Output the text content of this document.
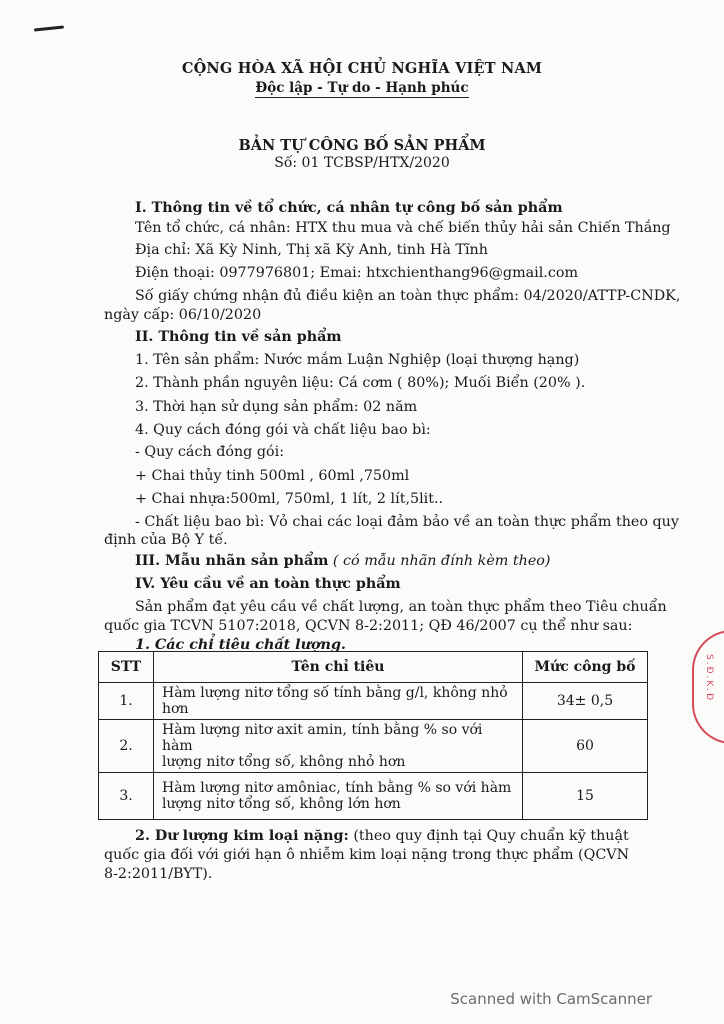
CỘNG HÒA XÃ HỘI CHỦ NGHĨA VIỆT NAM
Độc lập - Tự do - Hạnh phúc
BẢN TỰ CÔNG BỐ SẢN PHẨM
Số: 01 TCBSP/HTX/2020
I. Thông tin về tổ chức, cá nhân tự công bố sản phẩm
Tên tổ chức, cá nhân: HTX thu mua và chế biến thủy hải sản Chiến Thắng
Địa chỉ: Xã Kỳ Ninh, Thị xã Kỳ Anh, tinh Hà Tĩnh
Điện thoại: 0977976801; Emai: htxchienthang96@gmail.com
Số giấy chứng nhận đủ điều kiện an toàn thực phẩm: 04/2020/ATTP-CNDK,
ngày cấp: 06/10/2020
II. Thông tin về sản phẩm
1. Tên sản phẩm: Nước mắm Luận Nghiệp (loại thượng hạng)
2. Thành phần nguyên liệu: Cá cơm ( 80%); Muối Biển (20% ).
3. Thời hạn sử dụng sản phẩm: 02 năm
4. Quy cách đóng gói và chất liệu bao bì:
- Quy cách đóng gói:
+ Chai thủy tinh 500ml , 60ml ,750ml
+ Chai nhựa:500ml, 750ml, 1 lít, 2 lít,5lit..
- Chất liệu bao bì: Vỏ chai các loại đảm bảo về an toàn thực phẩm theo quy
định của Bộ Y tế.
III. Mẫu nhãn sản phẩm ( có mẫu nhãn đính kèm theo)
IV. Yêu cầu về an toàn thực phẩm
Sản phẩm đạt yêu cầu về chất lượng, an toàn thực phẩm theo Tiêu chuẩn
quốc gia TCVN 5107:2018, QCVN 8-2:2011; QĐ 46/2007 cụ thể như sau:
1. Các chỉ tiêu chất lượng.
STT	Tên chỉ tiêu	Mức công bố
1.	Hàm lượng nitơ tổng số tính bằng g/l, không nhỏ hơn	34± 0,5
2.	Hàm lượng nitơ axit amin, tính bằng % so với hàm
lượng nitơ tổng số, không nhỏ hơn	60
3.	Hàm lượng nitơ amôniac, tính bằng % so với hàm
lượng nitơ tổng số, không lớn hơn	15
2. Dư lượng kim loại nặng: (theo quy định tại Quy chuẩn kỹ thuật quốc gia đối với giới hạn ô nhiễm kim loại nặng trong thực phẩm (QCVN 8-2:2011/BYT).
S.Đ.K.Đ
Scanned with CamScanner
